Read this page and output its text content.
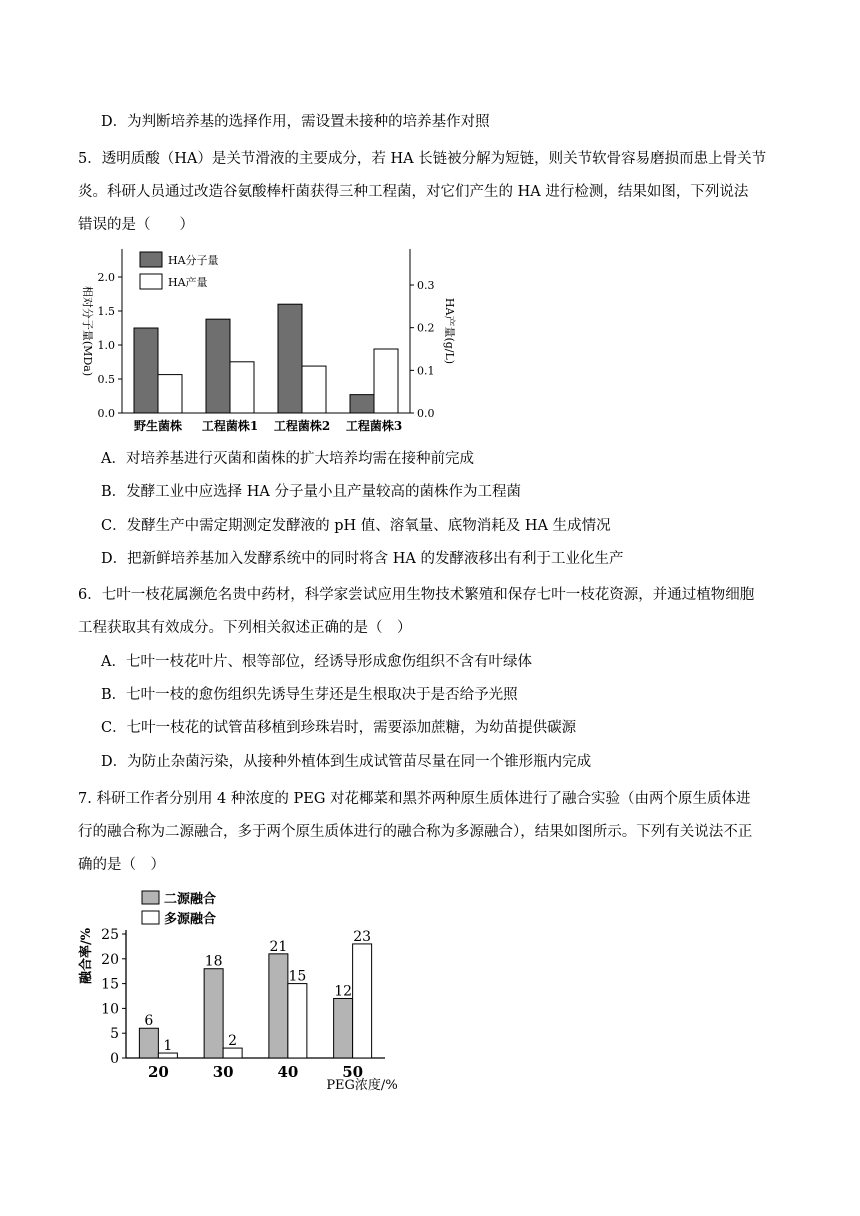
D．为判断培养基的选择作用，需设置未接种的培养基作对照
5．透明质酸（HA）是关节滑液的主要成分，若 HA 长链被分解为短链，则关节软骨容易磨损而患上骨关节
炎。科研人员通过改造谷氨酸棒杆菌获得三种工程菌，对它们产生的 HA 进行检测，结果如图，下列说法
错误的是（　　）
0.0
0.5
1.0
1.5
2.0
0.0
0.1
0.2
0.3
相对分子量(MDa)	HA产量(g/L)
野生菌株 工程菌株1 工程菌株2 工程菌株3
HA分子量
HA产量
A．对培养基进行灭菌和菌株的扩大培养均需在接种前完成
B．发酵工业中应选择 HA 分子量小且产量较高的菌株作为工程菌
C．发酵生产中需定期测定发酵液的 pH 值、溶氧量、底物消耗及 HA 生成情况
D．把新鲜培养基加入发酵系统中的同时将含 HA 的发酵液移出有利于工业化生产
6．七叶一枝花属濒危名贵中药材，科学家尝试应用生物技术繁殖和保存七叶一枝花资源，并通过植物细胞
工程获取其有效成分。下列相关叙述正确的是（　）
A．七叶一枝花叶片、根等部位，经诱导形成愈伤组织不含有叶绿体
B．七叶一枝的愈伤组织先诱导生芽还是生根取决于是否给予光照
C．七叶一枝花的试管苗移植到珍珠岩时，需要添加蔗糖，为幼苗提供碳源
D．为防止杂菌污染，从接种外植体到生成试管苗尽量在同一个锥形瓶内完成
7. 科研工作者分别用 4 种浓度的 PEG 对花椰菜和黑芥两种原生质体进行了融合实验（由两个原生质体进
行的融合称为二源融合，多于两个原生质体进行的融合称为多源融合），结果如图所示。下列有关说法不正
确的是（　）
0
5
10
15
20
25
融合率/%
6
1
20
18
2
30
21
15
40
12
23
50
PEG浓度/%
二源融合
多源融合
